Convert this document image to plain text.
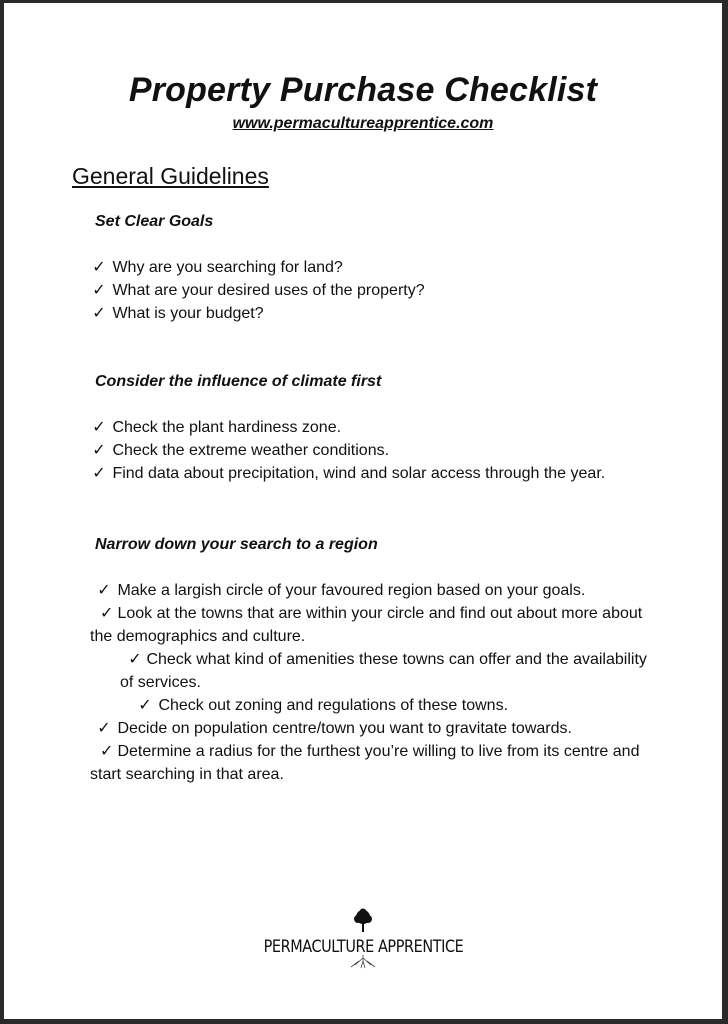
Property Purchase Checklist
www.permacultureapprentice.com
General Guidelines
Set Clear Goals
✓ Why are you searching for land?
✓ What are your desired uses of the property?
✓ What is your budget?
Consider the influence of climate first
✓ Check the plant hardiness zone.
✓ Check the extreme weather conditions.
✓ Find data about precipitation, wind and solar access through the year.
Narrow down your search to a region
✓ Make a largish circle of your favoured region based on your goals.
✓ Look at the towns that are within your circle and find out about more about the demographics and culture.
✓ Check what kind of amenities these towns can offer and the availability of services.
✓ Check out zoning and regulations of these towns.
✓ Decide on population centre/town you want to gravitate towards.
✓ Determine a radius for the furthest you’re willing to live from its centre and start searching in that area.
PERMACULTURE APPRENTICE
